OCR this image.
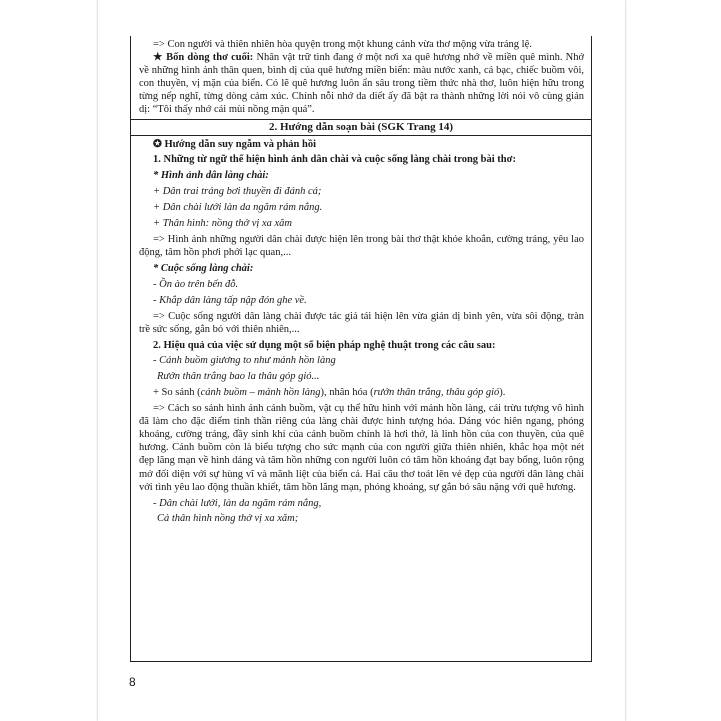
=> Con người và thiên nhiên hòa quyện trong một khung cảnh vừa thơ mộng vừa tráng lệ.

★ Bốn dòng thơ cuối: Nhân vật trữ tình đang ở một nơi xa quê hương nhớ về miền quê mình. Nhớ về những hình ảnh thân quen, bình dị của quê hương miền biển: màu nước xanh, cá bạc, chiếc buồm vôi, con thuyền, vị mặn của biển. Có lẽ quê hương luôn ẩn sâu trong tiềm thức nhà thơ, luôn hiện hữu trong từng nếp nghĩ, từng dòng cảm xúc. Chính nỗi nhớ da diết ấy đã bật ra thành những lời nói vô cùng giản dị: “Tôi thấy nhớ cái mùi nồng mặn quá”.

2. Hướng dẫn soạn bài (SGK Trang 14)

✪ Hướng dẫn suy ngẫm và phản hồi

1. Những từ ngữ thể hiện hình ảnh dân chài và cuộc sống làng chài trong bài thơ:

* Hình ảnh dân làng chài:

+ Dân trai tráng bơi thuyền đi đánh cá;

+ Dân chài lưới làn da ngăm rám nắng.

+ Thân hình: nồng thở vị xa xăm

=> Hình ảnh những người dân chài được hiện lên trong bài thơ thật khỏe khoắn, cường tráng, yêu lao động, tâm hồn phơi phới lạc quan,...

* Cuộc sống làng chài:

- Ồn ào trên bến đỗ.

- Khắp dân làng tấp nập đón ghe về.

=> Cuộc sống người dân làng chài được tác giả tái hiện lên vừa giản dị bình yên, vừa sôi động, tràn trề sức sống, gắn bó với thiên nhiên,...

2. Hiệu quả của việc sử dụng một số biện pháp nghệ thuật trong các câu sau:

- Cánh buồm giương to như mảnh hồn làng

Rướn thân trắng bao la thâu góp gió...

+ So sánh (cánh buồm – mảnh hồn làng), nhân hóa (rướn thân trắng, thâu góp gió).

=> Cách so sánh hình ảnh cánh buồm, vật cụ thể hữu hình với mảnh hồn làng, cái trừu tượng vô hình đã làm cho đặc điểm tinh thần riêng của làng chài được hình tượng hóa. Dáng vóc hiên ngang, phóng khoáng, cường tráng, đầy sinh khí của cánh buồm chính là hơi thở, là linh hồn của con thuyền, của quê hương. Cánh buồm còn là biểu tượng cho sức mạnh của con người giữa thiên nhiên, khắc họa một nét đẹp lãng mạn về hình dáng và tâm hồn những con người luôn có tâm hồn khoáng đạt bay bổng, luôn rộng mở đối diện với sự hùng vĩ và mãnh liệt của biển cả. Hai câu thơ toát lên vẻ đẹp của người dân làng chài với tình yêu lao động thuần khiết, tâm hồn lãng mạn, phóng khoáng, sự gắn bó sâu nặng với quê hương.

- Dân chài lưới, làn da ngăm rám nắng,

Cả thân hình nồng thở vị xa xăm;

8
